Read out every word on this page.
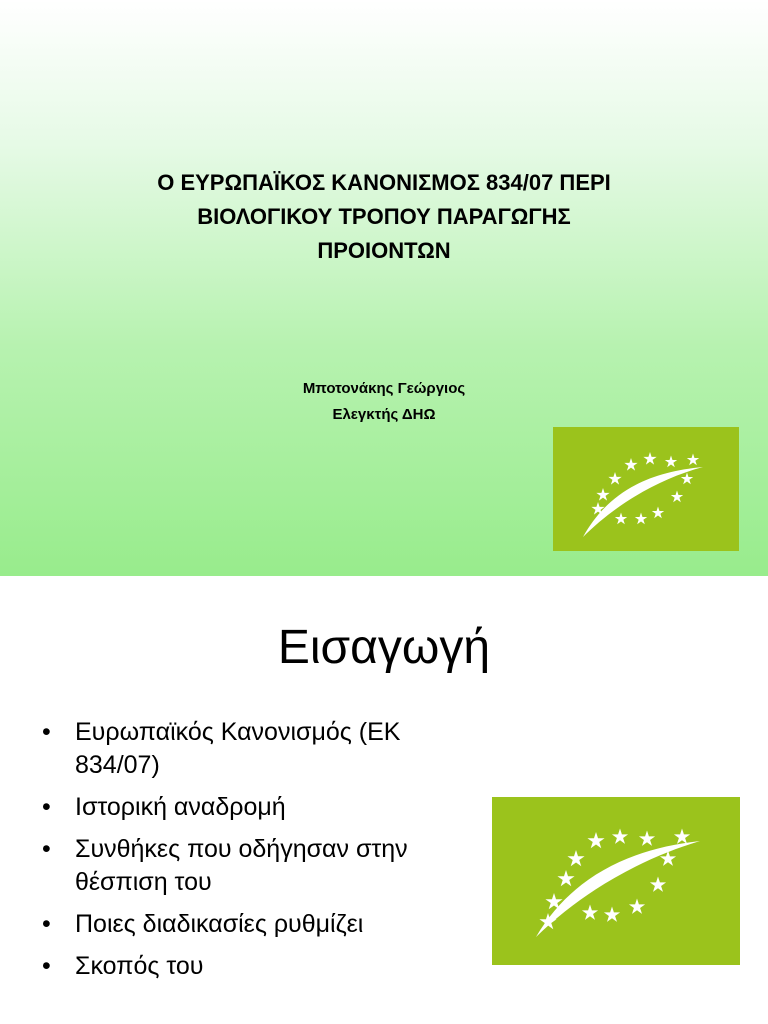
Ο ΕΥΡΩΠΑΪΚΟΣ ΚΑΝΟΝΙΣΜΟΣ 834/07 ΠΕΡΙ
ΒΙΟΛΟΓΙΚΟΥ ΤΡΟΠΟΥ ΠΑΡΑΓΩΓΗΣ
ΠΡΟΙΟΝΤΩΝ
Μποτονάκης Γεώργιος
Ελεγκτής ΔΗΩ
Εισαγωγή
• Ευρωπαϊκός Κανονισμός (ΕΚ
834/07)
• Ιστορική αναδρομή
• Συνθήκες που οδήγησαν στην
θέσπιση του
• Ποιες διαδικασίες ρυθμίζει
• Σκοπός του
